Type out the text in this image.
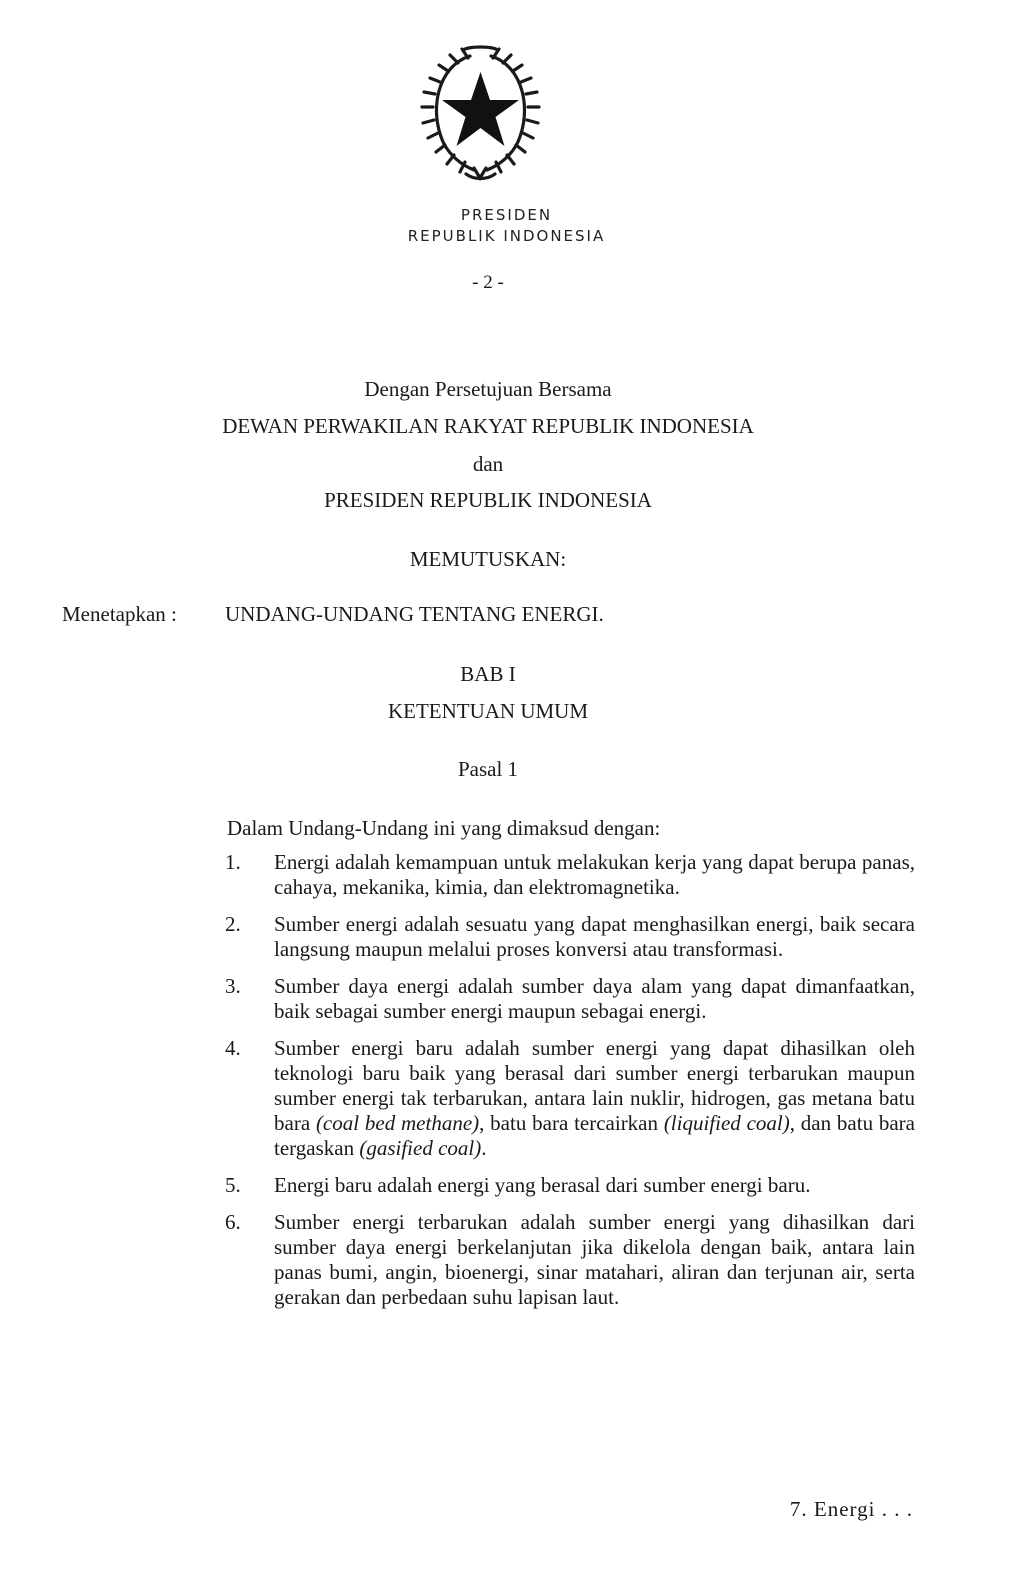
PRESIDEN
REPUBLIK INDONESIA
- 2 -
Dengan Persetujuan Bersama
DEWAN PERWAKILAN RAKYAT REPUBLIK INDONESIA
dan
PRESIDEN REPUBLIK INDONESIA
MEMUTUSKAN:
Menetapkan :	UNDANG-UNDANG TENTANG ENERGI.
BAB I
KETENTUAN UMUM
Pasal 1
Dalam Undang-Undang ini yang dimaksud dengan:
1.	Energi adalah kemampuan untuk melakukan kerja yang dapat berupa panas, cahaya, mekanika, kimia, dan elektromagnetika.
2.	Sumber energi adalah sesuatu yang dapat menghasilkan energi, baik secara langsung maupun melalui proses konversi atau transformasi.
3.	Sumber daya energi adalah sumber daya alam yang dapat dimanfaatkan, baik sebagai sumber energi maupun sebagai energi.
4.	Sumber energi baru adalah sumber energi yang dapat dihasilkan oleh teknologi baru baik yang berasal dari sumber energi terbarukan maupun sumber energi tak terbarukan, antara lain nuklir, hidrogen, gas metana batu bara (coal bed methane), batu bara tercairkan (liquified coal), dan batu bara tergaskan (gasified coal).
5.	Energi baru adalah energi yang berasal dari sumber energi baru.
6.	Sumber energi terbarukan adalah sumber energi yang dihasilkan dari sumber daya energi berkelanjutan jika dikelola dengan baik, antara lain panas bumi, angin, bioenergi, sinar matahari, aliran dan terjunan air, serta gerakan dan perbedaan suhu lapisan laut.
7. Energi . . .
